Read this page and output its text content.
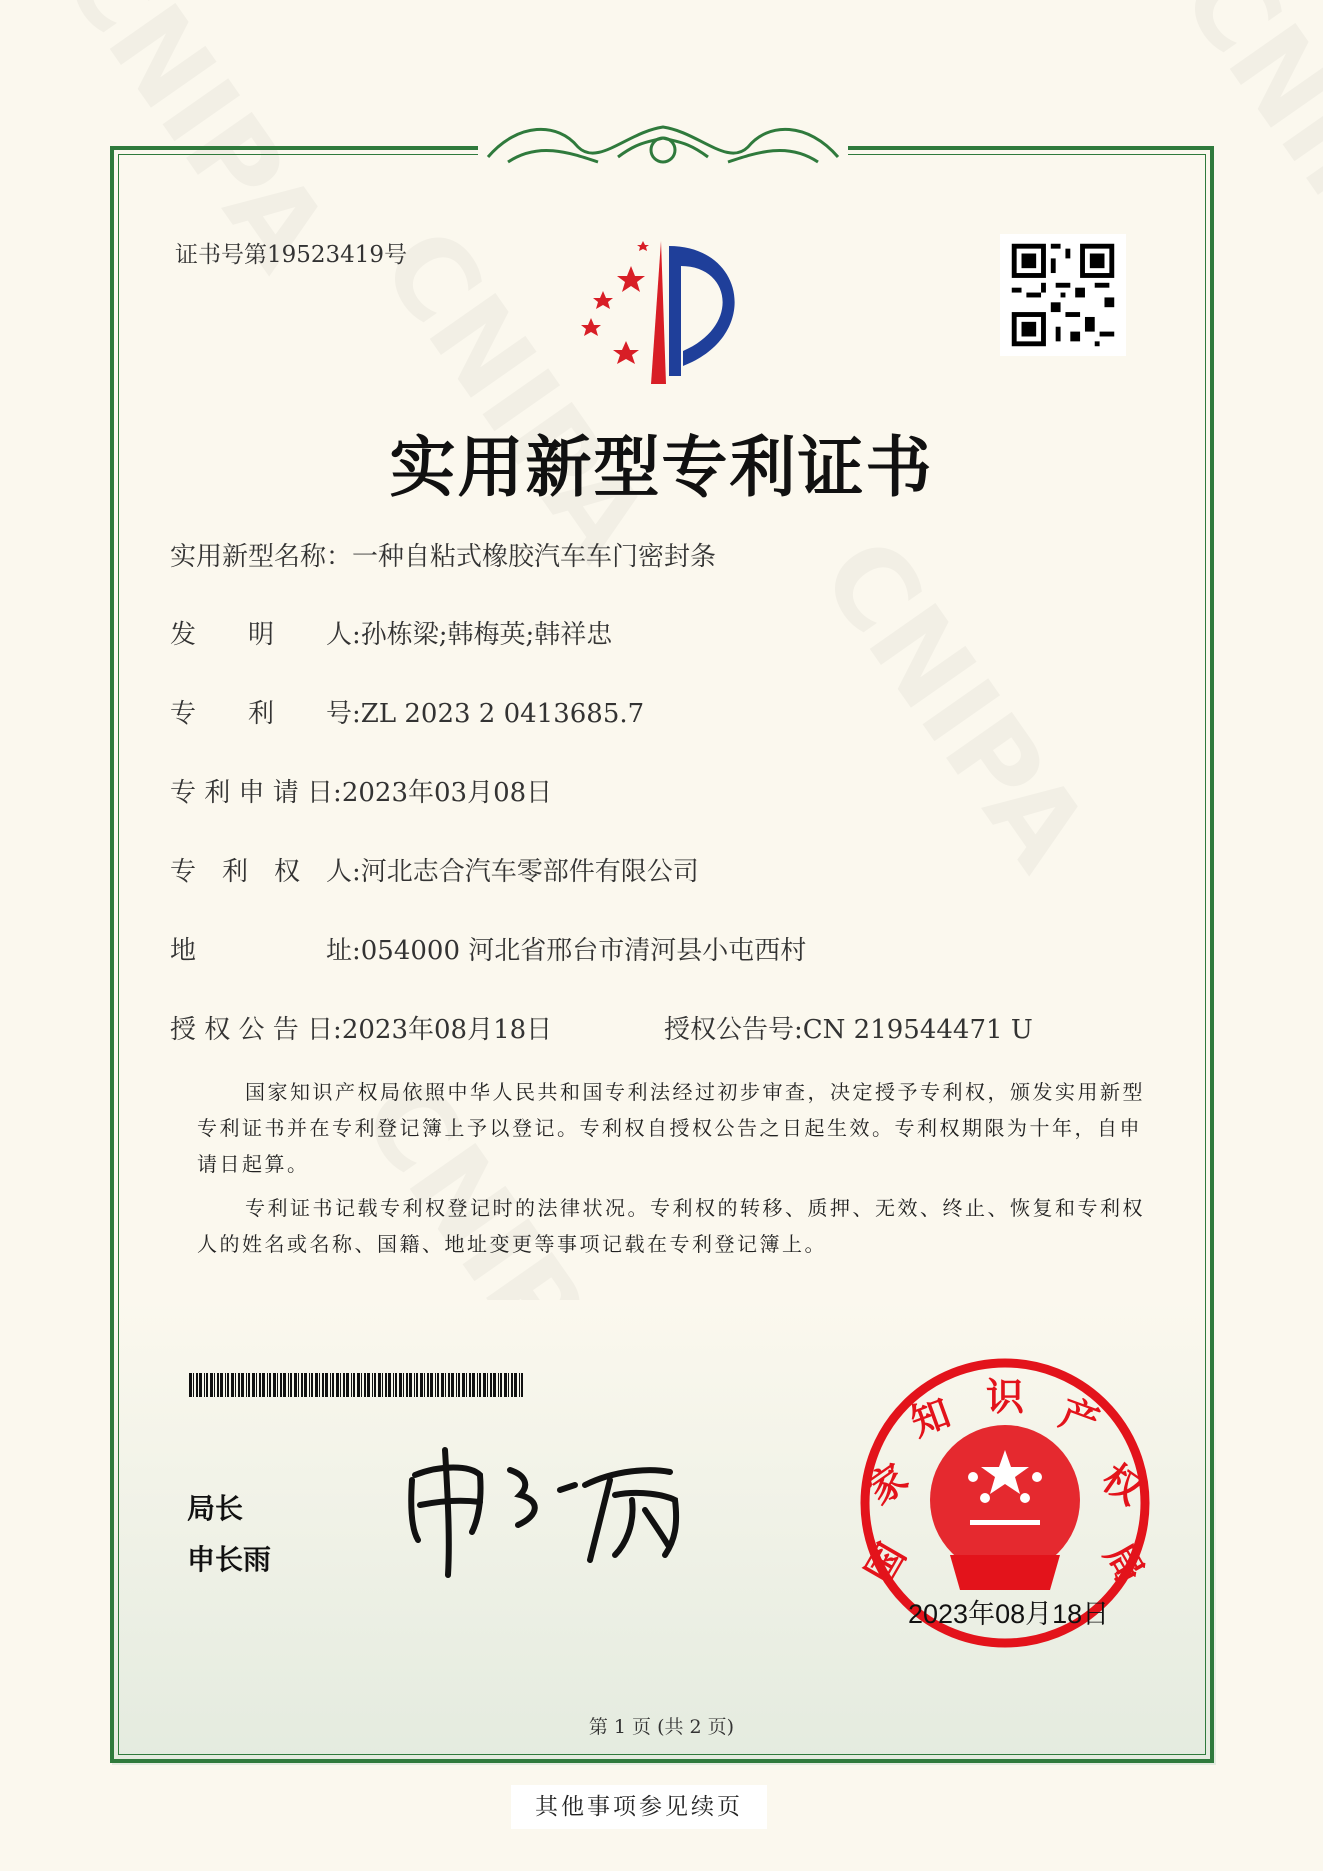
证书号第19523419号
实用新型专利证书
实用新型名称：一种自粘式橡胶汽车车门密封条
发　　明　　人:孙栋梁;韩梅英;韩祥忠
专　　利　　号:ZL 2023 2 0413685.7
专 利 申 请 日:2023年03月08日
专　利　权　人:河北志合汽车零部件有限公司
地　　　　　址:054000 河北省邢台市清河县小屯西村
授 权 公 告 日:2023年08月18日	授权公告号:CN 219544471 U
国家知识产权局依照中华人民共和国专利法经过初步审查，决定授予专利权，颁发实用新型专利证书并在专利登记簿上予以登记。专利权自授权公告之日起生效。专利权期限为十年，自申请日起算。
专利证书记载专利权登记时的法律状况。专利权的转移、质押、无效、终止、恢复和专利权人的姓名或名称、国籍、地址变更等事项记载在专利登记簿上。
局长
申长雨	国
家
知 识 产
权
局
2023年08月18日
第 1 页 (共 2 页)
其他事项参见续页
